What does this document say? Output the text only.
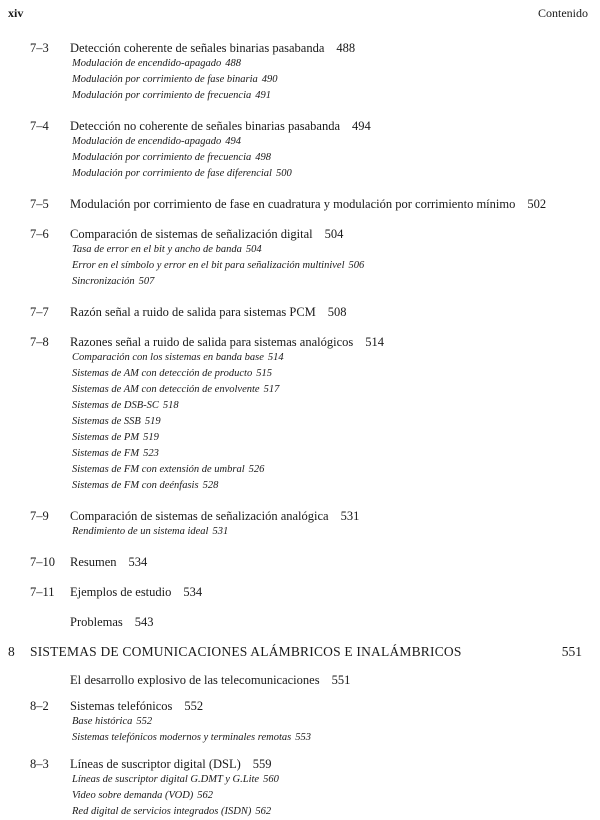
xiv	Contenido
7–3 Detección coherente de señales binarias pasabanda 488
Modulación de encendido-apagado 488
Modulación por corrimiento de fase binaria 490
Modulación por corrimiento de frecuencia 491
7–4 Detección no coherente de señales binarias pasabanda 494
Modulación de encendido-apagado 494
Modulación por corrimiento de frecuencia 498
Modulación por corrimiento de fase diferencial 500
7–5 Modulación por corrimiento de fase en cuadratura y modulación por corrimiento mínimo 502
7–6 Comparación de sistemas de señalización digital 504
Tasa de error en el bit y ancho de banda 504
Error en el símbolo y error en el bit para señalización multinivel 506
Sincronización 507
7–7 Razón señal a ruido de salida para sistemas PCM 508
7–8 Razones señal a ruido de salida para sistemas analógicos 514
Comparación con los sistemas en banda base 514
Sistemas de AM con detección de producto 515
Sistemas de AM con detección de envolvente 517
Sistemas de DSB-SC 518
Sistemas de SSB 519
Sistemas de PM 519
Sistemas de FM 523
Sistemas de FM con extensión de umbral 526
Sistemas de FM con deénfasis 528
7–9 Comparación de sistemas de señalización analógica 531
Rendimiento de un sistema ideal 531
7–10 Resumen 534
7–11 Ejemplos de estudio 534
Problemas 543
8 SISTEMAS DE COMUNICACIONES ALÁMBRICOS E INALÁMBRICOS	551
El desarrollo explosivo de las telecomunicaciones 551
8–2 Sistemas telefónicos 552
Base histórica 552
Sistemas telefónicos modernos y terminales remotas 553
8–3 Líneas de suscriptor digital (DSL) 559
Líneas de suscriptor digital G.DMT y G.Lite 560
Video sobre demanda (VOD) 562
Red digital de servicios integrados (ISDN) 562
